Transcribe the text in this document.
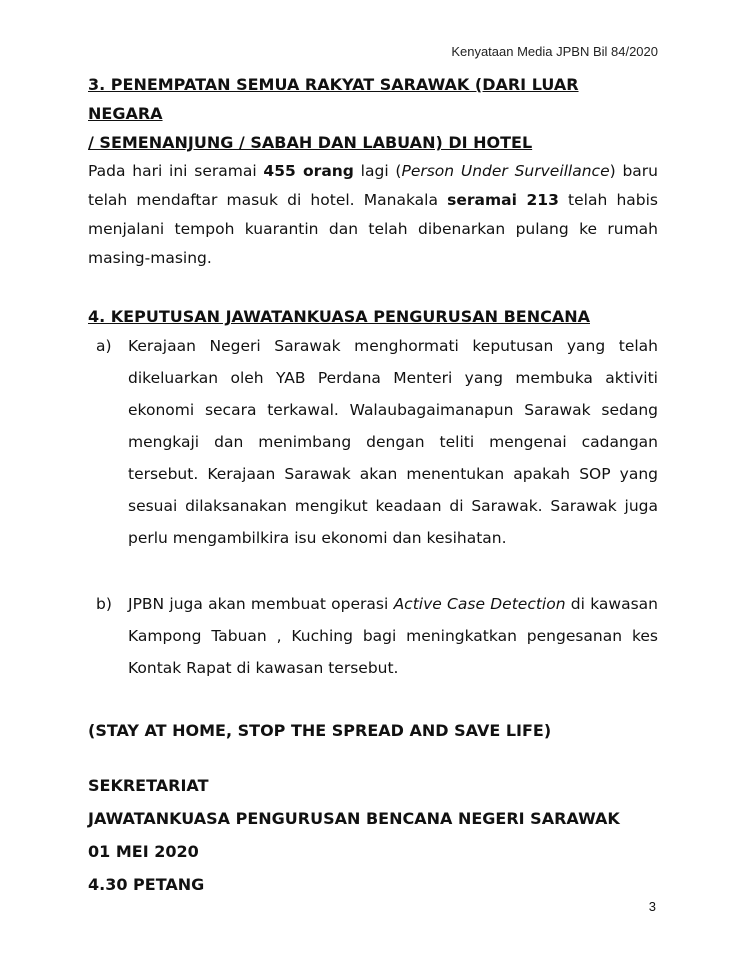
Kenyataan Media JPBN Bil 84/2020

3. PENEMPATAN SEMUA RAKYAT SARAWAK (DARI LUAR NEGARA
/ SEMENANJUNG / SABAH DAN LABUAN) DI HOTEL

Pada hari ini seramai 455 orang lagi (Person Under Surveillance) baru telah mendaftar masuk di hotel. Manakala seramai 213 telah habis menjalani tempoh kuarantin dan telah dibenarkan pulang ke rumah masing-masing.

4. KEPUTUSAN JAWATANKUASA PENGURUSAN BENCANA

a)	Kerajaan Negeri Sarawak menghormati keputusan yang telah dikeluarkan oleh YAB Perdana Menteri yang membuka aktiviti ekonomi secara terkawal. Walaubagaimanapun Sarawak sedang mengkaji dan menimbang dengan teliti mengenai cadangan tersebut. Kerajaan Sarawak akan menentukan apakah SOP yang sesuai dilaksanakan mengikut keadaan di Sarawak. Sarawak juga perlu mengambilkira isu ekonomi dan kesihatan.
b)	JPBN juga akan membuat operasi Active Case Detection di kawasan Kampong Tabuan , Kuching bagi meningkatkan pengesanan kes Kontak Rapat di kawasan tersebut.

(STAY AT HOME, STOP THE SPREAD AND SAVE LIFE)

SEKRETARIAT

JAWATANKUASA PENGURUSAN BENCANA NEGERI SARAWAK

01 MEI 2020

4.30 PETANG

3
